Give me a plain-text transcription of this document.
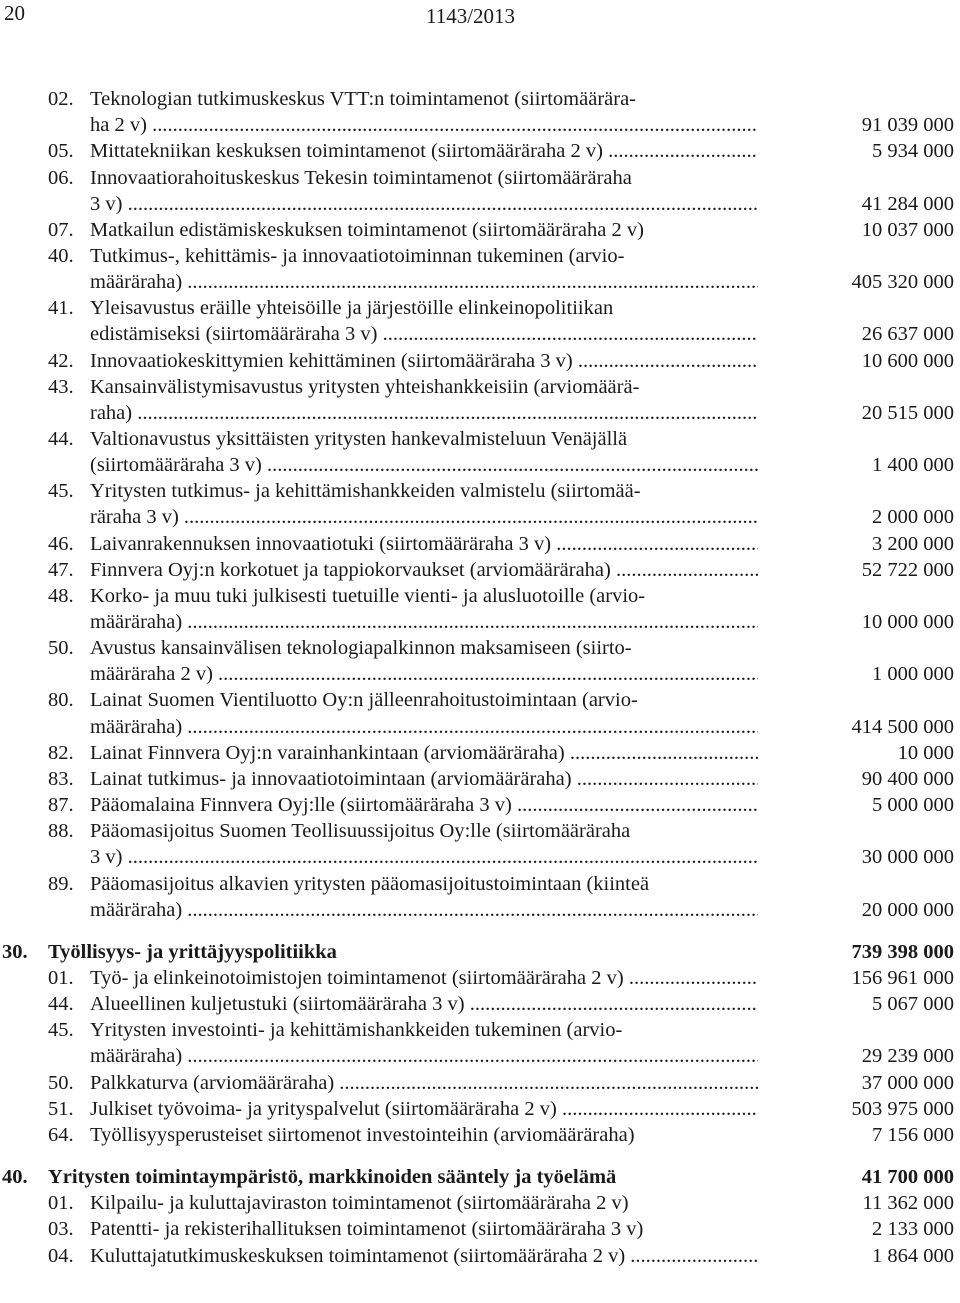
20	1143/2013
02. Teknologian tutkimuskeskus VTT:n toimintamenot (siirtomäärära-
ha 2 v) .....	91 039 000
05. Mittatekniikan keskuksen toimintamenot (siirtomääräraha 2 v) .....	5 934 000
06. Innovaatiorahoituskeskus Tekesin toimintamenot (siirtomääräraha
3 v) .....	41 284 000
07. Matkailun edistämiskeskuksen toimintamenot (siirtomääräraha 2 v)	10 037 000
40. Tutkimus-, kehittämis- ja innovaatiotoiminnan tukeminen (arvio-
määräraha) .....	405 320 000
41. Yleisavustus eräille yhteisöille ja järjestöille elinkeinopolitiikan
edistämiseksi (siirtomääräraha 3 v) .....	26 637 000
42. Innovaatiokeskittymien kehittäminen (siirtomääräraha 3 v) .....	10 600 000
43. Kansainvälistymisavustus yritysten yhteishankkeisiin (arviomäärä-
raha) .....	20 515 000
44. Valtionavustus yksittäisten yritysten hankevalmisteluun Venäjällä
(siirtomääräraha 3 v) .....	1 400 000
45. Yritysten tutkimus- ja kehittämishankkeiden valmistelu (siirtomää-
räraha 3 v) .....	2 000 000
46. Laivanrakennuksen innovaatiotuki (siirtomääräraha 3 v) .....	3 200 000
47. Finnvera Oyj:n korkotuet ja tappiokorvaukset (arviomääräraha) .....	52 722 000
48. Korko- ja muu tuki julkisesti tuetuille vienti- ja alusluotoille (arvio-
määräraha) .....	10 000 000
50. Avustus kansainvälisen teknologiapalkinnon maksamiseen (siirto-
määräraha 2 v) .....	1 000 000
80. Lainat Suomen Vientiluotto Oy:n jälleenrahoitustoimintaan (arvio-
määräraha) .....	414 500 000
82. Lainat Finnvera Oyj:n varainhankintaan (arviomääräraha) .....	10 000
83. Lainat tutkimus- ja innovaatiotoimintaan (arviomääräraha) .....	90 400 000
87. Pääomalaina Finnvera Oyj:lle (siirtomääräraha 3 v) .....	5 000 000
88. Pääomasijoitus Suomen Teollisuussijoitus Oy:lle (siirtomääräraha
3 v) .....	30 000 000
89. Pääomasijoitus alkavien yritysten pääomasijoitustoimintaan (kiinteä
määräraha) .....	20 000 000
30. Työllisyys- ja yrittäjyyspolitiikka	739 398 000
01. Työ- ja elinkeinotoimistojen toimintamenot (siirtomääräraha 2 v) .....	156 961 000
44. Alueellinen kuljetustuki (siirtomääräraha 3 v) .....	5 067 000
45. Yritysten investointi- ja kehittämishankkeiden tukeminen (arvio-
määräraha) .....	29 239 000
50. Palkkaturva (arviomääräraha) .....	37 000 000
51. Julkiset työvoima- ja yrityspalvelut (siirtomääräraha 2 v) .....	503 975 000
64. Työllisyysperusteiset siirtomenot investointeihin (arviomääräraha)	7 156 000
40. Yritysten toimintaympäristö, markkinoiden sääntely ja työelämä	41 700 000
01. Kilpailu- ja kuluttajaviraston toimintamenot (siirtomääräraha 2 v)	11 362 000
03. Patentti- ja rekisterihallituksen toimintamenot (siirtomääräraha 3 v)	2 133 000
04. Kuluttajatutkimuskeskuksen toimintamenot (siirtomääräraha 2 v) .....	1 864 000
